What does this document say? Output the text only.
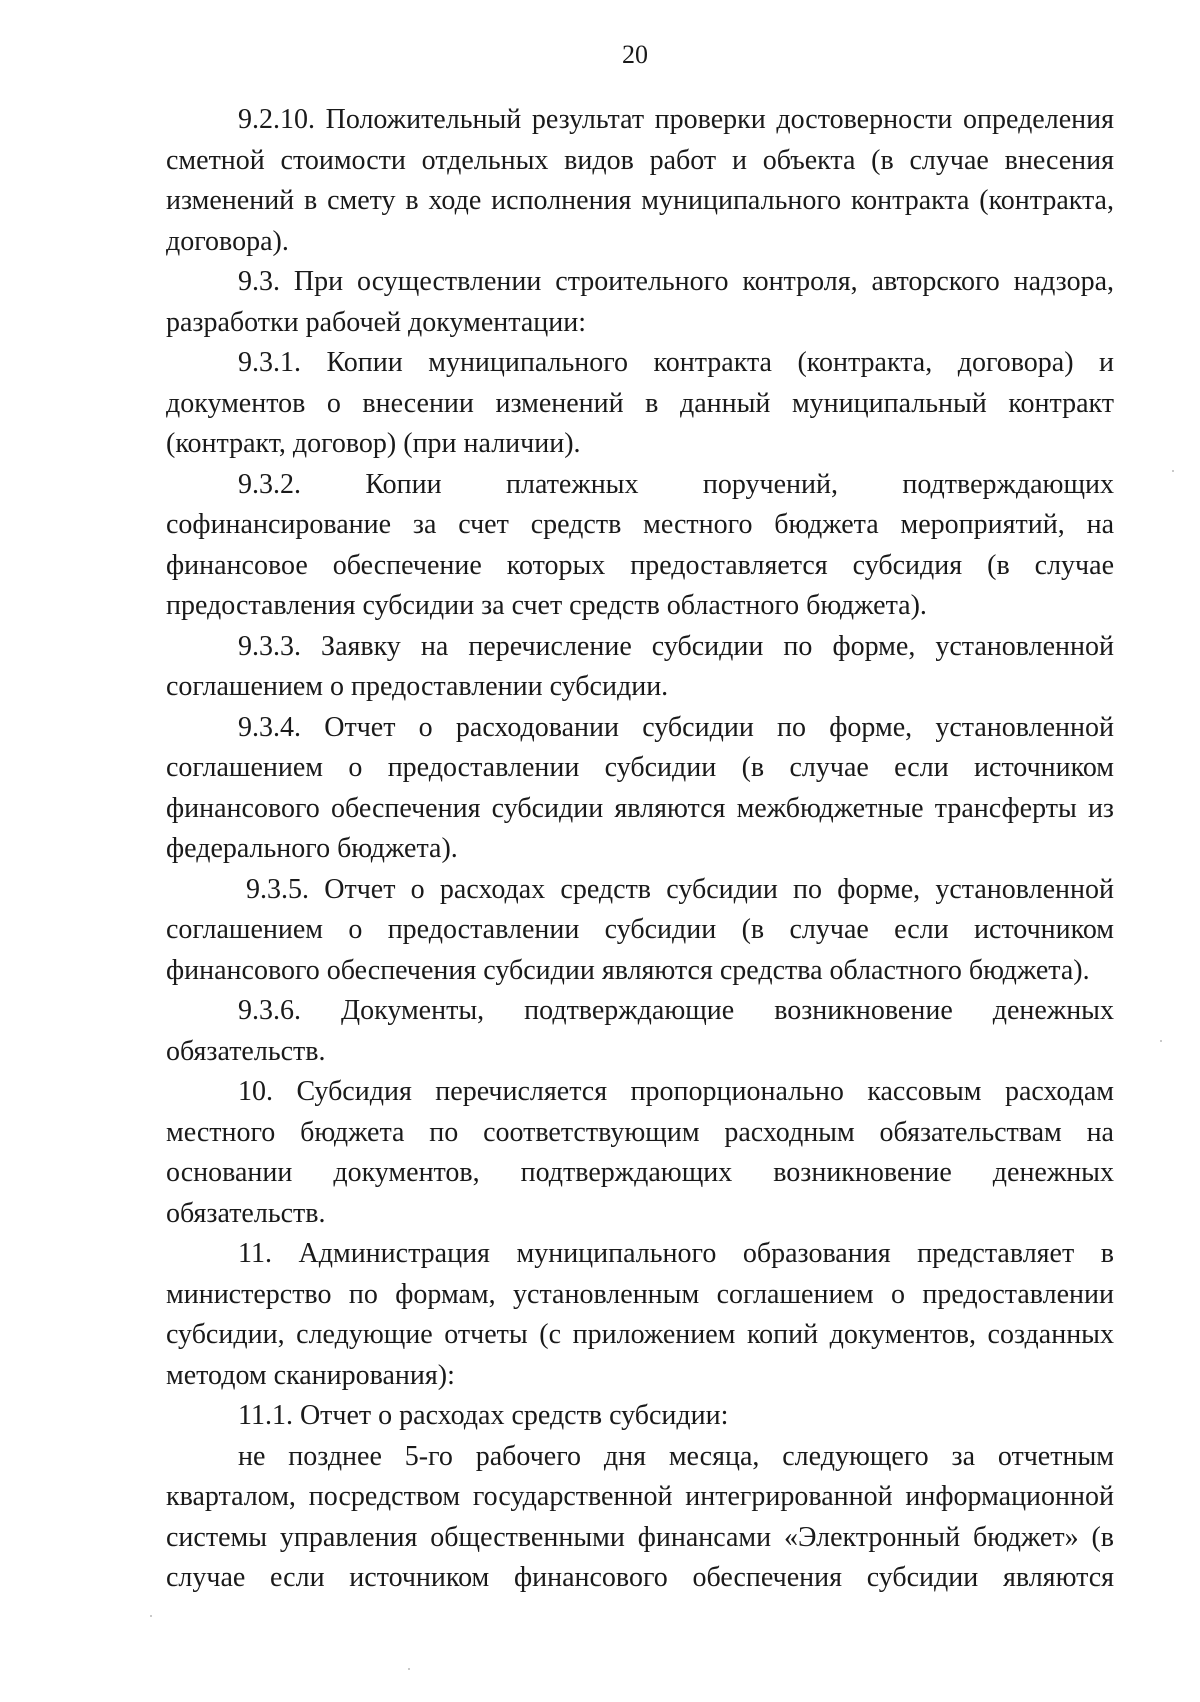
20

9.2.10. Положительный результат проверки достоверности определения сметной стоимости отдельных видов работ и объекта (в случае внесения изменений в смету в ходе исполнения муниципального контракта (контракта, договора).

9.3. При осуществлении строительного контроля, авторского надзора, разработки рабочей документации:

9.3.1. Копии муниципального контракта (контракта, договора) и документов о внесении изменений в данный муниципальный контракт (контракт, договор) (при наличии).

9.3.2. Копии платежных поручений, подтверждающих софинансирование за счет средств местного бюджета мероприятий, на финансовое обеспечение которых предоставляется субсидия (в случае предоставления субсидии за счет средств областного бюджета).

9.3.3. Заявку на перечисление субсидии по форме, установленной соглашением о предоставлении субсидии.

9.3.4. Отчет о расходовании субсидии по форме, установленной соглашением о предоставлении субсидии (в случае если источником финансового обеспечения субсидии являются межбюджетные трансферты из федерального бюджета).

9.3.5. Отчет о расходах средств субсидии по форме, установленной соглашением о предоставлении субсидии (в случае если источником финансового обеспечения субсидии являются средства областного бюджета).

9.3.6. Документы, подтверждающие возникновение денежных обязательств.

10. Субсидия перечисляется пропорционально кассовым расходам местного бюджета по соответствующим расходным обязательствам на основании документов, подтверждающих возникновение денежных обязательств.

11. Администрация муниципального образования представляет в министерство по формам, установленным соглашением о предоставлении субсидии, следующие отчеты (с приложением копий документов, созданных методом сканирования):

11.1. Отчет о расходах средств субсидии:

не позднее 5-го рабочего дня месяца, следующего за отчетным кварталом, посредством государственной интегрированной информационной системы управления общественными финансами «Электронный бюджет» (в случае если источником финансового обеспечения субсидии являются
